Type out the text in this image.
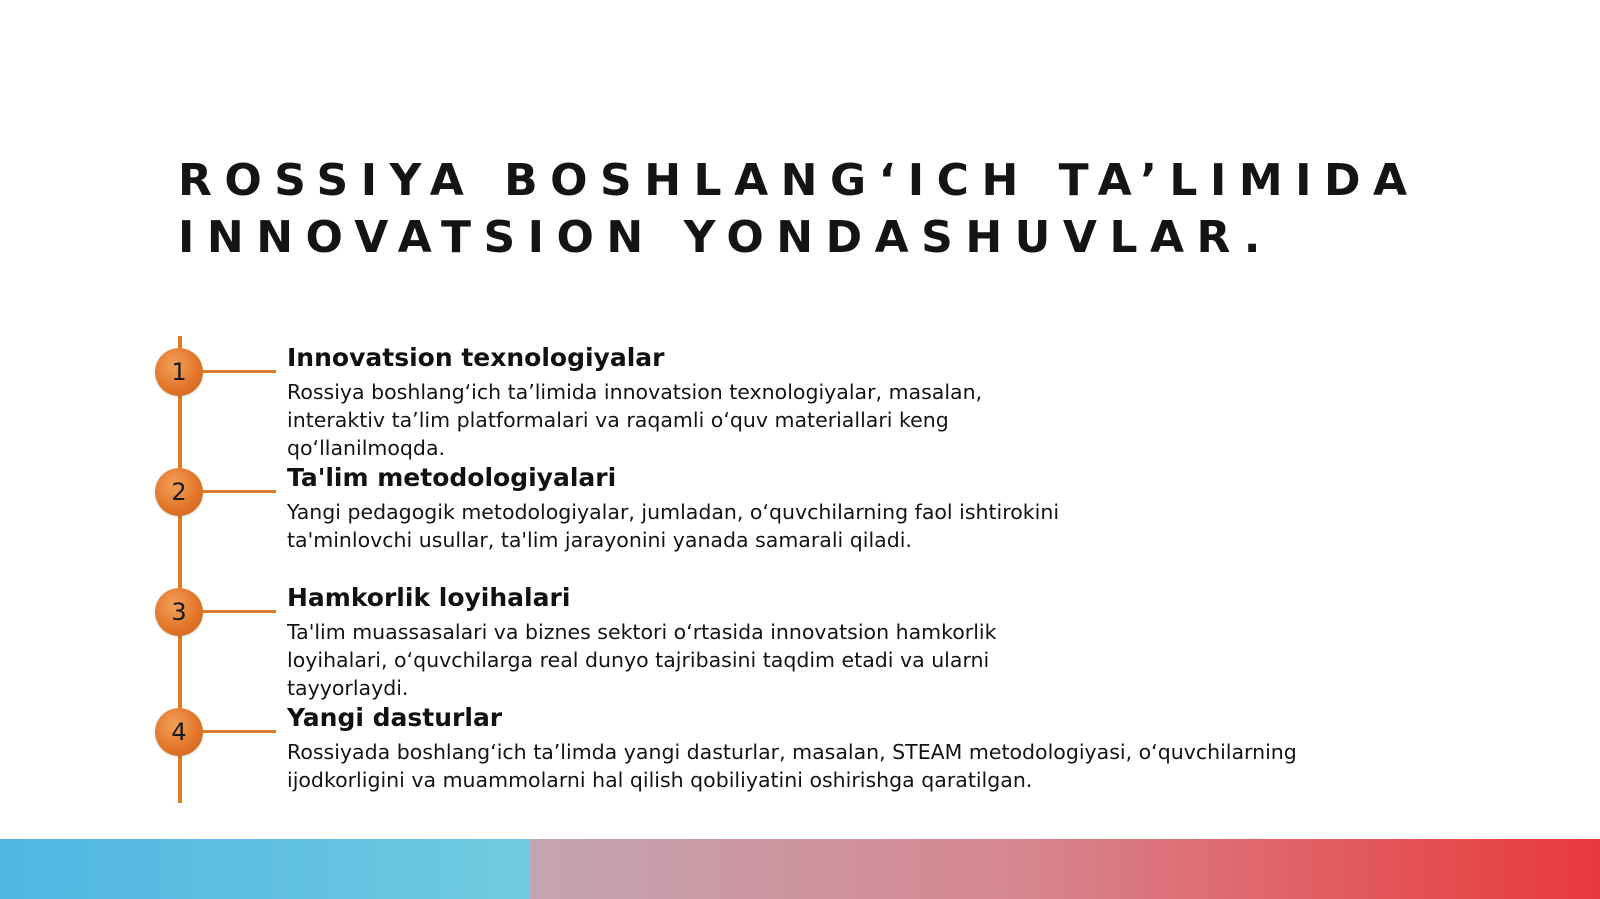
ROSSIYA BOSHLANG‘ICH TA’LIMIDA
INNOVATSION YONDASHUVLAR.
1	Innovatsion texnologiyalar

Rossiya boshlang‘ich ta’limida innovatsion texnologiyalar, masalan, interaktiv ta’lim platformalari va raqamli o‘quv materiallari keng qo‘llanilmoqda.

2	Ta'lim metodologiyalari

Yangi pedagogik metodologiyalar, jumladan, o‘quvchilarning faol ishtirokini ta'minlovchi usullar, ta'lim jarayonini yanada samarali qiladi.

3	Hamkorlik loyihalari

Ta'lim muassasalari va biznes sektori o‘rtasida innovatsion hamkorlik loyihalari, o‘quvchilarga real dunyo tajribasini taqdim etadi va ularni tayyorlaydi.

4	Yangi dasturlar

Rossiyada boshlang‘ich ta’limda yangi dasturlar, masalan, STEAM metodologiyasi, o‘quvchilarning ijodkorligini va muammolarni hal qilish qobiliyatini oshirishga qaratilgan.
